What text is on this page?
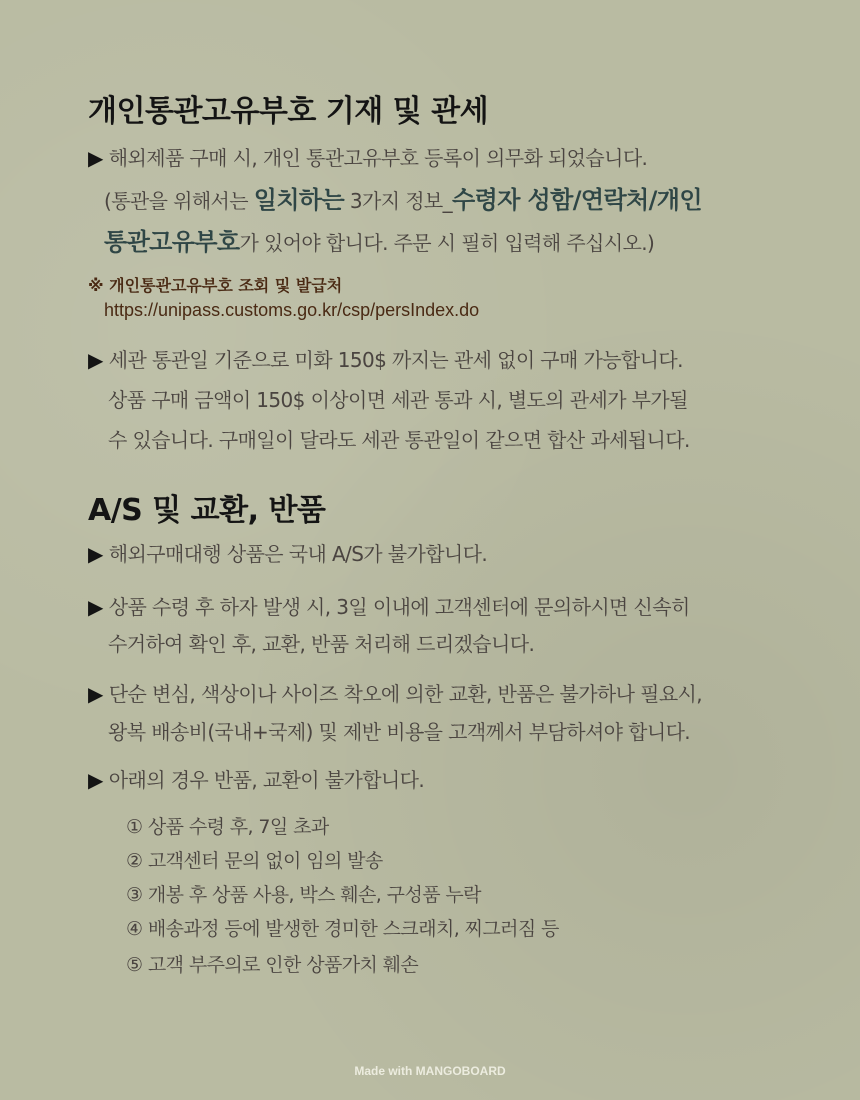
개인통관고유부호 기재 및 관세

▶ 해외제품 구매 시, 개인 통관고유부호 등록이 의무화 되었습니다.

(통관을 위해서는 일치하는 3가지 정보_수령자 성함/연락처/개인

통관고유부호가 있어야 합니다. 주문 시 필히 입력해 주십시오.)

※ 개인통관고유부호 조회 및 발급처

https://unipass.customs.go.kr/csp/persIndex.do

▶ 세관 통관일 기준으로 미화 150$ 까지는 관세 없이 구매 가능합니다.

상품 구매 금액이 150$ 이상이면 세관 통과 시, 별도의 관세가 부가될

수 있습니다. 구매일이 달라도 세관 통관일이 같으면 합산 과세됩니다.

A/S 및 교환, 반품

▶ 해외구매대행 상품은 국내 A/S가 불가합니다.

▶ 상품 수령 후 하자 발생 시, 3일 이내에 고객센터에 문의하시면 신속히

수거하여 확인 후, 교환, 반품 처리해 드리겠습니다.

▶ 단순 변심, 색상이나 사이즈 착오에 의한 교환, 반품은 불가하나 필요시,

왕복 배송비(국내+국제) 및 제반 비용을 고객께서 부담하셔야 합니다.

▶ 아래의 경우 반품, 교환이 불가합니다.

① 상품 수령 후, 7일 초과

② 고객센터 문의 없이 임의 발송

③ 개봉 후 상품 사용, 박스 훼손, 구성품 누락

④ 배송과정 등에 발생한 경미한 스크래치, 찌그러짐 등

⑤ 고객 부주의로 인한 상품가치 훼손

Made with MANGOBOARD
